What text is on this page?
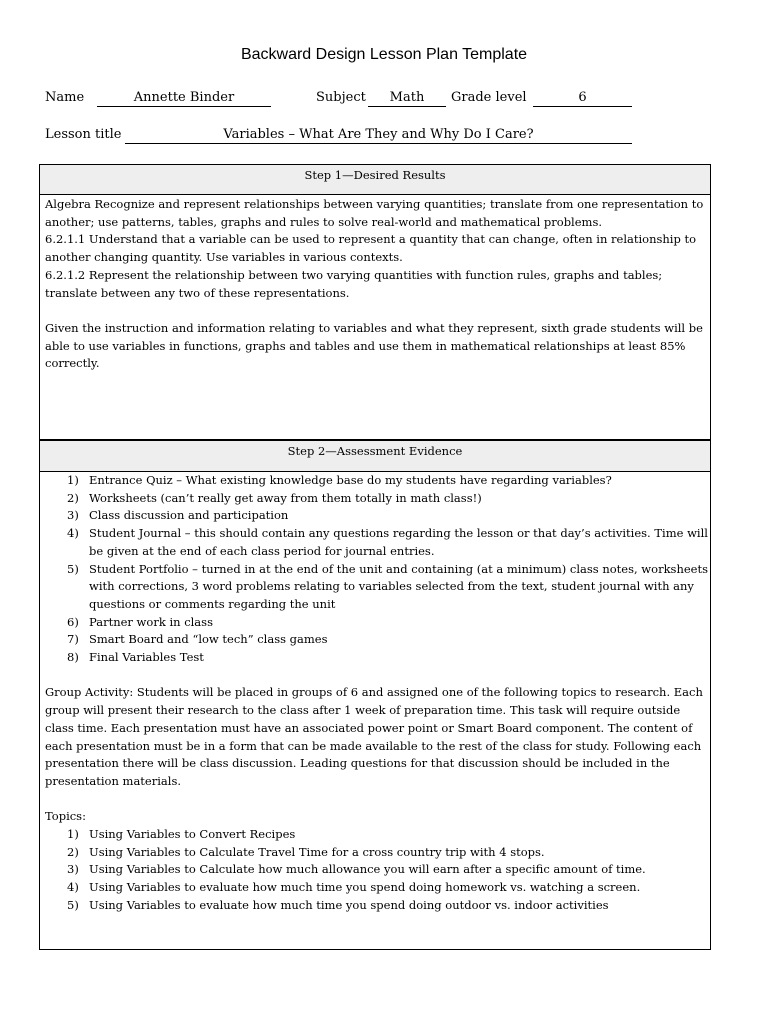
Backward Design Lesson Plan Template
Name	Annette Binder	Subject	Math	Grade level	6
Lesson title	Variables – What Are They and Why Do I Care?
Step 1—Desired Results

Algebra Recognize and represent relationships between varying quantities; translate from one representation to another; use patterns, tables, graphs and rules to solve real-world and mathematical problems.

6.2.1.1 Understand that a variable can be used to represent a quantity that can change, often in relationship to another changing quantity. Use variables in various contexts.

6.2.1.2 Represent the relationship between two varying quantities with function rules, graphs and tables; translate between any two of these representations.

Given the instruction and information relating to variables and what they represent, sixth grade students will be able to use variables in functions, graphs and tables and use them in mathematical relationships at least 85% correctly.

Step 2—Assessment Evidence
1) Entrance Quiz – What existing knowledge base do my students have regarding variables?
2) Worksheets (can’t really get away from them totally in math class!)
3) Class discussion and participation
4) Student Journal – this should contain any questions regarding the lesson or that day’s activities. Time will be given at the end of each class period for journal entries.
5) Student Portfolio – turned in at the end of the unit and containing (at a minimum) class notes, worksheets with corrections, 3 word problems relating to variables selected from the text, student journal with any questions or comments regarding the unit
6) Partner work in class
7) Smart Board and “low tech” class games
8) Final Variables Test

Group Activity: Students will be placed in groups of 6 and assigned one of the following topics to research. Each group will present their research to the class after 1 week of preparation time. This task will require outside class time. Each presentation must have an associated power point or Smart Board component. The content of each presentation must be in a form that can be made available to the rest of the class for study. Following each presentation there will be class discussion. Leading questions for that discussion should be included in the presentation materials.

Topics:

1) Using Variables to Convert Recipes
2) Using Variables to Calculate Travel Time for a cross country trip with 4 stops.
3) Using Variables to Calculate how much allowance you will earn after a specific amount of time.
4) Using Variables to evaluate how much time you spend doing homework vs. watching a screen.
5) Using Variables to evaluate how much time you spend doing outdoor vs. indoor activities
